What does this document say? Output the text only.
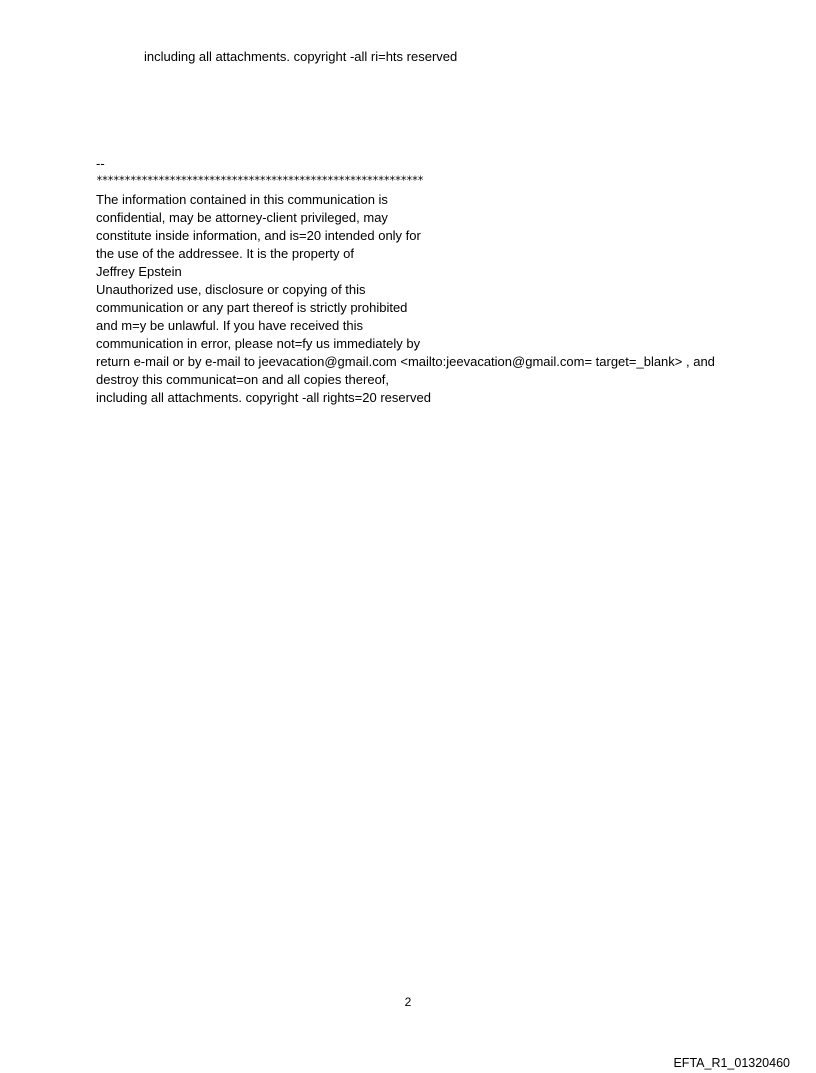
including all attachments. copyright -all ri=hts reserved
--
**********************************************************
The information contained in this communication is
confidential, may be attorney-client privileged, may
constitute inside information, and is=20 intended only for
the use of the addressee. It is the property of
Jeffrey Epstein
Unauthorized use, disclosure or copying of this
communication or any part thereof is strictly prohibited
and m=y be unlawful. If you have received this
communication in error, please not=fy us immediately by
return e-mail or by e-mail to jeevacation@gmail.com <mailto:jeevacation@gmail.com= target=_blank> , and
destroy this communicat=on and all copies thereof,
including all attachments. copyright -all rights=20 reserved
2
EFTA_R1_01320460
